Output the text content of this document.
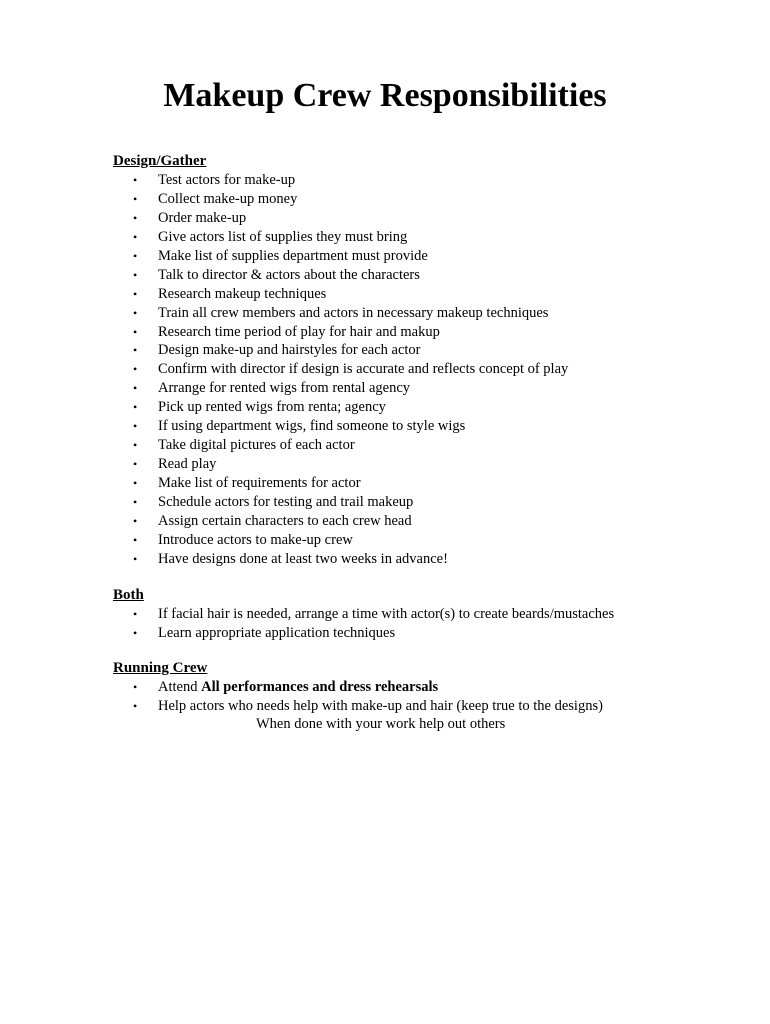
Makeup Crew Responsibilities

Design/Gather

• Test actors for make-up
• Collect make-up money
• Order make-up
• Give actors list of supplies they must bring
• Make list of supplies department must provide
• Talk to director & actors about the characters
• Research makeup techniques
• Train all crew members and actors in necessary makeup techniques
• Research time period of play for hair and makup
• Design make-up and hairstyles for each actor
• Confirm with director if design is accurate and reflects concept of play
• Arrange for rented wigs from rental agency
• Pick up rented wigs from renta; agency
• If using department wigs, find someone to style wigs
• Take digital pictures of each actor
• Read play
• Make list of requirements for actor
• Schedule actors for testing and trail makeup
• Assign certain characters to each crew head
• Introduce actors to make-up crew
• Have designs done at least two weeks in advance!

Both

• If facial hair is needed, arrange a time with actor(s) to create beards/mustaches
• Learn appropriate application techniques

Running Crew

• Attend All performances and dress rehearsals
• Help actors who needs help with make-up and hair (keep true to the designs)

When done with your work help out others
